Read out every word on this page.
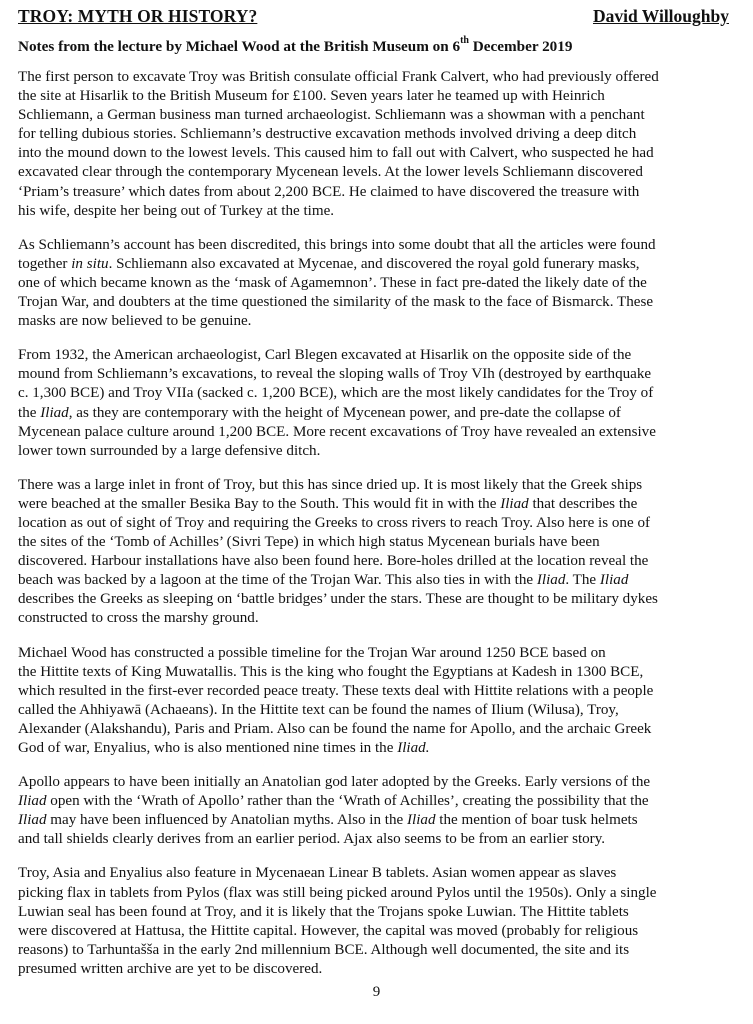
TROY: MYTH OR HISTORY?	David Willoughby
Notes from the lecture by Michael Wood at the British Museum on 6th December 2019
The first person to excavate Troy was British consulate official Frank Calvert, who had previously offered
the site at Hisarlik to the British Museum for £100. Seven years later he teamed up with Heinrich
Schliemann, a German business man turned archaeologist. Schliemann was a showman with a penchant
for telling dubious stories. Schliemann’s destructive excavation methods involved driving a deep ditch
into the mound down to the lowest levels. This caused him to fall out with Calvert, who suspected he had
excavated clear through the contemporary Mycenean levels. At the lower levels Schliemann discovered
‘Priam’s treasure’ which dates from about 2,200 BCE. He claimed to have discovered the treasure with
his wife, despite her being out of Turkey at the time.
As Schliemann’s account has been discredited, this brings into some doubt that all the articles were found
together in situ. Schliemann also excavated at Mycenae, and discovered the royal gold funerary masks,
one of which became known as the ‘mask of Agamemnon’. These in fact pre-dated the likely date of the
Trojan War, and doubters at the time questioned the similarity of the mask to the face of Bismarck. These
masks are now believed to be genuine.
From 1932, the American archaeologist, Carl Blegen excavated at Hisarlik on the opposite side of the
mound from Schliemann’s excavations, to reveal the sloping walls of Troy VIh (destroyed by earthquake
c. 1,300 BCE) and Troy VIIa (sacked c. 1,200 BCE), which are the most likely candidates for the Troy of
the Iliad, as they are contemporary with the height of Mycenean power, and pre-date the collapse of
Mycenean palace culture around 1,200 BCE. More recent excavations of Troy have revealed an extensive
lower town surrounded by a large defensive ditch.
There was a large inlet in front of Troy, but this has since dried up. It is most likely that the Greek ships
were beached at the smaller Besika Bay to the South. This would fit in with the Iliad that describes the
location as out of sight of Troy and requiring the Greeks to cross rivers to reach Troy. Also here is one of
the sites of the ‘Tomb of Achilles’ (Sivri Tepe) in which high status Mycenean burials have been
discovered. Harbour installations have also been found here. Bore-holes drilled at the location reveal the
beach was backed by a lagoon at the time of the Trojan War. This also ties in with the Iliad. The Iliad
describes the Greeks as sleeping on ‘battle bridges’ under the stars. These are thought to be military dykes
constructed to cross the marshy ground.
Michael Wood has constructed a possible timeline for the Trojan War around 1250 BCE based on
the Hittite texts of King Muwatallis. This is the king who fought the Egyptians at Kadesh in 1300 BCE,
which resulted in the first-ever recorded peace treaty. These texts deal with Hittite relations with a people
called the Ahhiyawā (Achaeans). In the Hittite text can be found the names of Ilium (Wilusa), Troy,
Alexander (Alakshandu), Paris and Priam. Also can be found the name for Apollo, and the archaic Greek
God of war, Enyalius, who is also mentioned nine times in the Iliad.
Apollo appears to have been initially an Anatolian god later adopted by the Greeks. Early versions of the
Iliad open with the ‘Wrath of Apollo’ rather than the ‘Wrath of Achilles’, creating the possibility that the
Iliad may have been influenced by Anatolian myths. Also in the Iliad the mention of boar tusk helmets
and tall shields clearly derives from an earlier period. Ajax also seems to be from an earlier story.
Troy, Asia and Enyalius also feature in Mycenaean Linear B tablets. Asian women appear as slaves
picking flax in tablets from Pylos (flax was still being picked around Pylos until the 1950s). Only a single
Luwian seal has been found at Troy, and it is likely that the Trojans spoke Luwian. The Hittite tablets
were discovered at Hattusa, the Hittite capital. However, the capital was moved (probably for religious
reasons) to Tarhuntašša in the early 2nd millennium BCE. Although well documented, the site and its
presumed written archive are yet to be discovered.
9
